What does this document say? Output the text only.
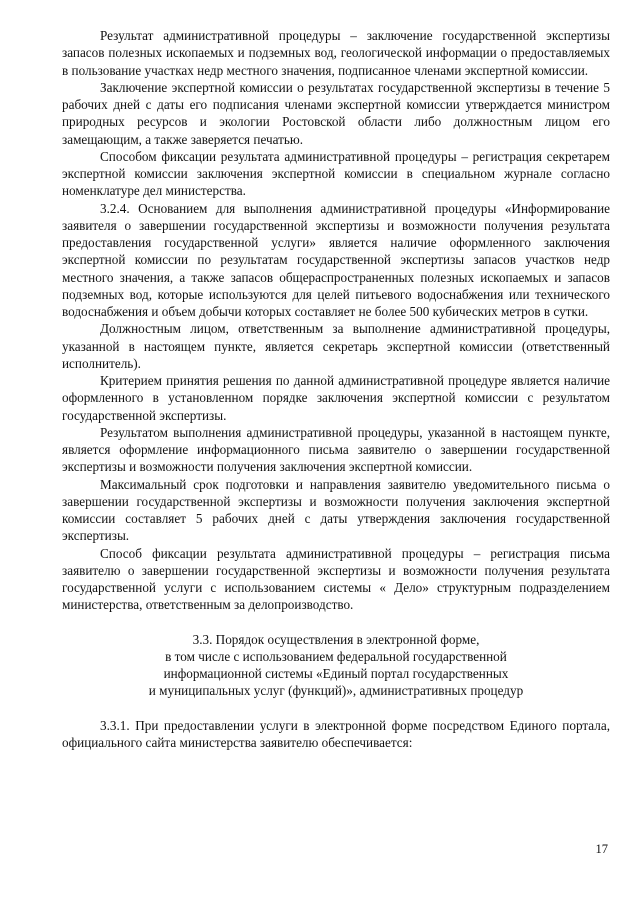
Результат административной процедуры – заключение государственной экспертизы запасов полезных ископаемых и подземных вод, геологической информации о предоставляемых в пользование участках недр местного значения, подписанное членами экспертной комиссии.

Заключение экспертной комиссии о результатах государственной экспертизы в течение 5 рабочих дней с даты его подписания членами экспертной комиссии утверждается министром природных ресурсов и экологии Ростовской области либо должностным лицом его замещающим, а также заверяется печатью.

Способом фиксации результата административной процедуры – регистрация секретарем экспертной комиссии заключения экспертной комиссии в специальном журнале согласно номенклатуре дел министерства.

3.2.4. Основанием для выполнения административной процедуры «Информирование заявителя о завершении государственной экспертизы и возможности получения результата предоставления государственной услуги» является наличие оформленного заключения экспертной комиссии по результатам государственной экспертизы запасов участков недр местного значения, а также запасов общераспространенных полезных ископаемых и запасов подземных вод, которые используются для целей питьевого водоснабжения или технического водоснабжения и объем добычи которых составляет не более 500 кубических метров в сутки.

Должностным лицом, ответственным за выполнение административной процедуры, указанной в настоящем пункте, является секретарь экспертной комиссии (ответственный исполнитель).

Критерием принятия решения по данной административной процедуре является наличие оформленного в установленном порядке заключения экспертной комиссии с результатом государственной экспертизы.

Результатом выполнения административной процедуры, указанной в настоящем пункте, является оформление информационного письма заявителю о завершении государственной экспертизы и возможности получения заключения экспертной комиссии.

Максимальный срок подготовки и направления заявителю уведомительного письма о завершении государственной экспертизы и возможности получения заключения экспертной комиссии составляет 5 рабочих дней с даты утверждения заключения государственной экспертизы.

Способ фиксации результата административной процедуры – регистрация письма заявителю о завершении государственной экспертизы и возможности получения результата государственной услуги с использованием системы « Дело» структурным подразделением министерства, ответственным за делопроизводство.

3.3. Порядок осуществления в электронной форме,
в том числе с использованием федеральной государственной
информационной системы «Единый портал государственных
и муниципальных услуг (функций)», административных процедур

3.3.1. При предоставлении услуги в электронной форме посредством Единого портала, официального сайта министерства заявителю обеспечивается:

17
